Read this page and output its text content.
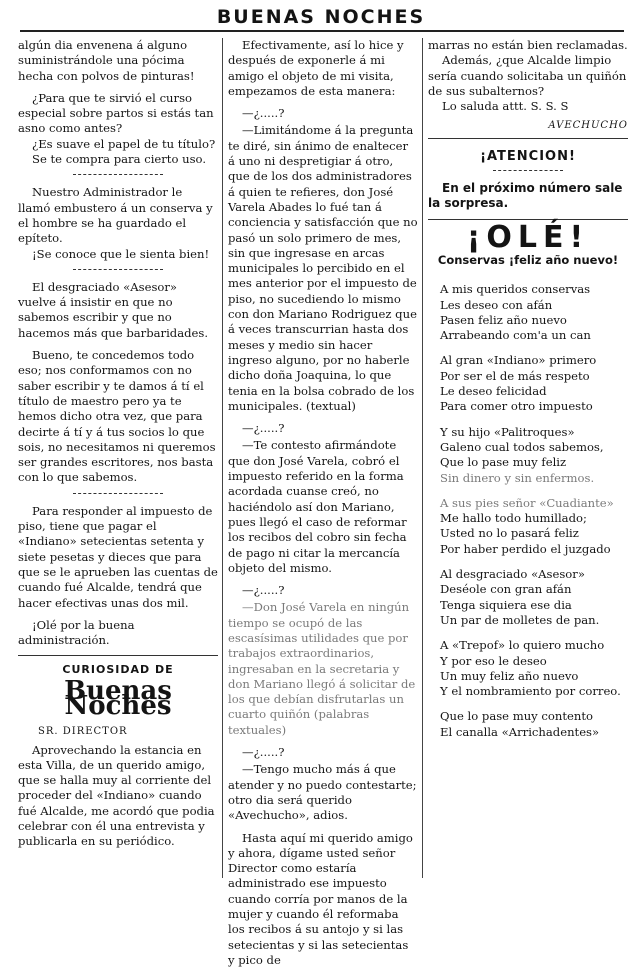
BUENAS NOCHES

algún dia envenena á alguno suministrándole una pócima hecha con polvos de pinturas!

¿Para que te sirvió el curso especial sobre partos si estás tan asno como antes?

¿Es suave el papel de tu título?

Se te compra para cierto uso.

Nuestro Administrador le llamó embustero á un conserva y el hombre se ha guardado el epíteto.

¡Se conoce que le sienta bien!

El desgraciado «Asesor» vuelve á insistir en que no sabemos escribir y que no hacemos más que barbaridades.

Bueno, te concedemos todo eso; nos conformamos con no saber escribir y te damos á tí el título de maestro pero ya te hemos dicho otra vez, que para decirte á tí y á tus socios lo que sois, no necesitamos ni queremos ser grandes escritores, nos basta con lo que sabemos.

Para responder al impuesto de piso, tiene que pagar el «Indiano» setecientas setenta y siete pesetas y dieces que para que se le aprueben las cuentas de cuando fué Alcalde, tendrá que hacer efectivas unas dos mil.

¡Olé por la buena administración.

CURIOSIDAD DE
Buenas Noches

SR. DIRECTOR

Aprovechando la estancia en esta Villa, de un querido amigo, que se halla muy al corriente del proceder del «Indiano» cuando fué Alcalde, me acordó que podia celebrar con él una entrevista y publicarla en su periódico.

Efectivamente, así lo hice y después de exponerle á mi amigo el objeto de mi visita, empezamos de esta manera:

—¿.....?

—Limitándome á la pregunta te diré, sin ánimo de enaltecer á uno ni despretigiar á otro, que de los dos administradores á quien te refieres, don José Varela Abades lo fué tan á conciencia y satisfacción que no pasó un solo primero de mes, sin que ingresase en arcas municipales lo percibido en el mes anterior por el impuesto de piso, no sucediendo lo mismo con don Mariano Rodriguez que á veces transcurrian hasta dos meses y medio sin hacer ingreso alguno, por no haberle dicho doña Joaquina, lo que tenia en la bolsa cobrado de los municipales. (textual)

—¿.....?

—Te contesto afirmándote que don José Varela, cobró el impuesto referido en la forma acordada cuanse creó, no haciéndolo así don Mariano, pues llegó el caso de reformar los recibos del cobro sin fecha de pago ni citar la mercancía objeto del mismo.

—¿.....?

—Don José Varela en ningún tiempo se ocupó de las escasísimas utilidades que por trabajos extraordinarios, ingresaban en la secretaria y don Mariano llegó á solicitar de los que debían disfrutarlas un cuarto quiñón (palabras textuales)

—¿.....?

—Tengo mucho más á que atender y no puedo contestarte; otro dia será querido «Avechucho», adios.

Hasta aquí mi querido amigo y ahora, dígame usted señor Director como estaría administrado ese impuesto cuando corría por manos de la mujer y cuando él reformaba los recibos á su antojo y si las setecientas y si las setecientas y pico de

marras no están bien reclamadas.

Además, ¿que Alcalde limpio sería cuando solicitaba un quiñón de sus subalternos?

Lo saluda attt. S. S. S

AVECHUCHO
¡ATENCION!

En el próximo número sale la sorpresa.

¡OLÉ!
Conservas ¡feliz año nuevo!

A mis queridos conservas

Les deseo con afán

Pasen feliz año nuevo

Arrabeando com'a un can

Al gran «Indiano» primero

Por ser el de más respeto

Le deseo felicidad

Para comer otro impuesto

Y su hijo «Palitroques»

Galeno cual todos sabemos,

Que lo pase muy feliz

Sin dinero y sin enfermos.

A sus pies señor «Cuadiante»

Me hallo todo humillado;

Usted no lo pasará feliz

Por haber perdido el juzgado

Al desgraciado «Asesor»

Deséole con gran afán

Tenga siquiera ese dia

Un par de molletes de pan.

A «Trepof» lo quiero mucho

Y por eso le deseo

Un muy feliz año nuevo

Y el nombramiento por correo.

Que lo pase muy contento

El canalla «Arrichadentes»
